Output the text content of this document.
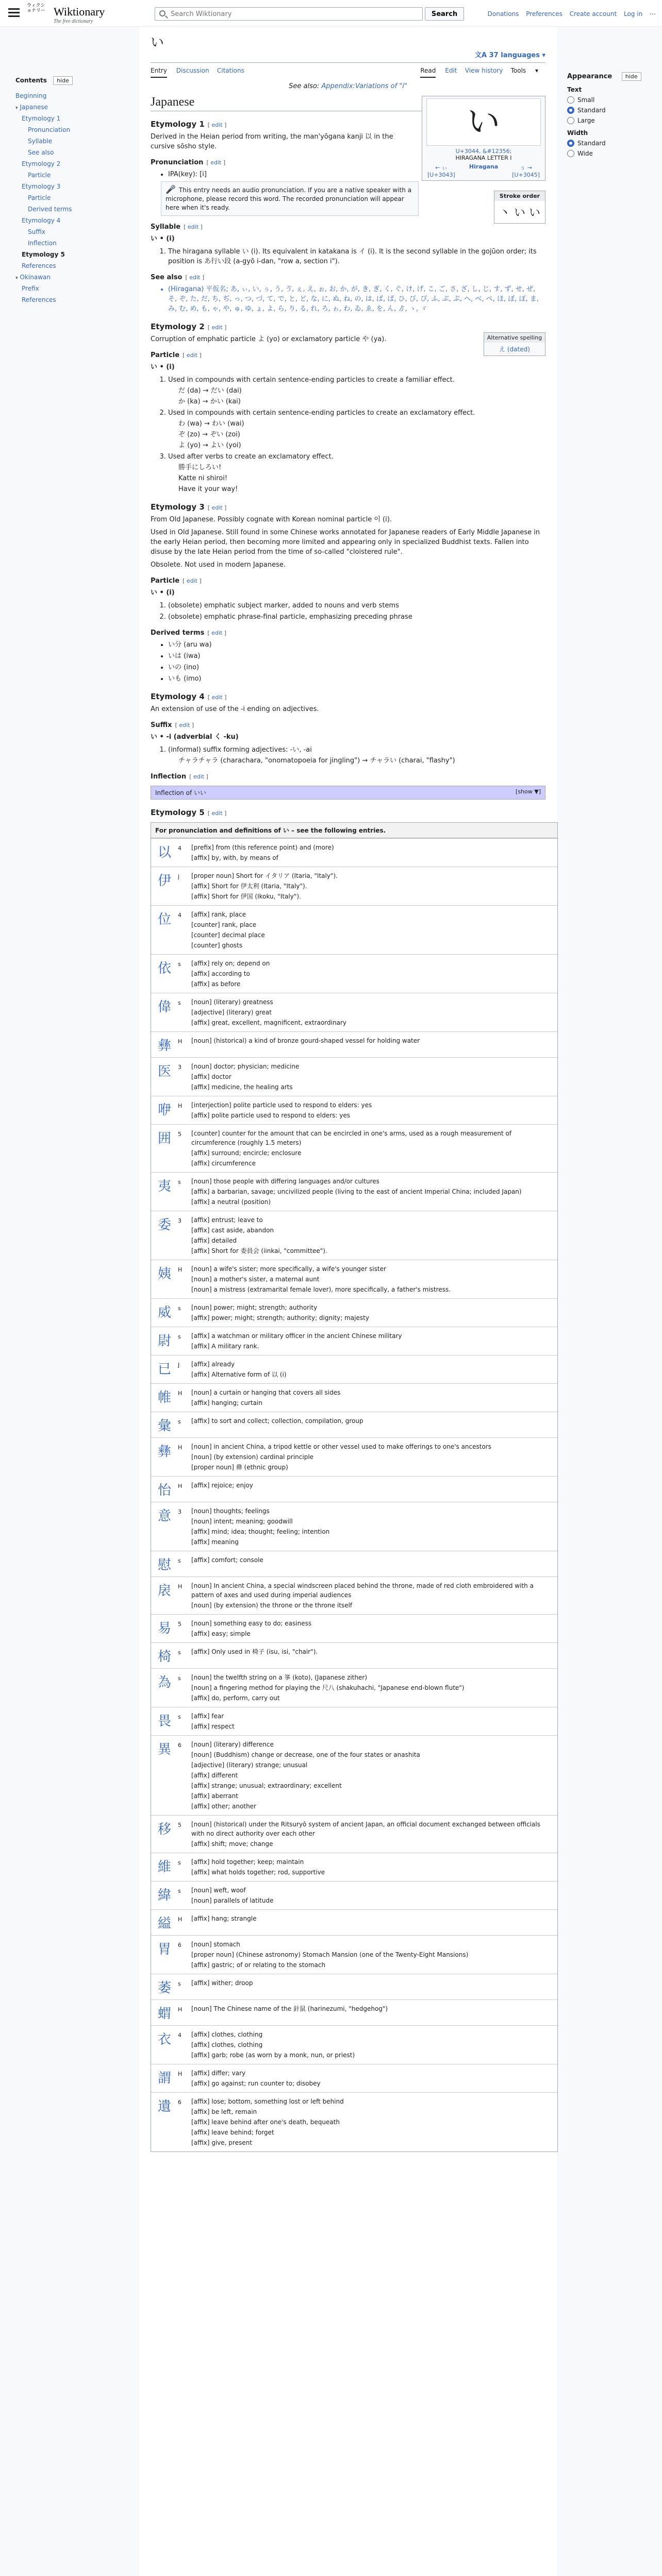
ウィクショナリー Wiktionary
The free dictionary
Search Wiktionary
Search	Donations Preferences Create account Log in ⋯
Contents hide
Beginning
▾ Japanese
Etymology 1
Pronunciation
Syllable
See also
Etymology 2
Particle
Etymology 3
Particle
Derived terms
Etymology 4
Suffix
Inflection
Etymology 5
References
▾ Okinawan
Prefix
References
Appearance hide
Text
Small
Standard
Large
Width
Standard
Wide
い
文A 37 languages ▾
Entry Discussion Citations	Read Edit View history Tools ▾
See also: Appendix:Variations of "i"
Japanese
い
U+3044, &#12356;
HIRAGANA LETTER I
← ぃ
[U+3043]
Hiragana	ぅ →
[U+3045]
Stroke order
丶 い い
Etymology 1 [ edit ]

Derived in the Heian period from writing, the man'yōgana kanji 以 in the cursive sōsho style.

Pronunciation [ edit ]
• IPA(key): [i]
🎤 This entry needs an audio pronunciation. If you are a native speaker with a microphone, please record this word. The recorded pronunciation will appear here when it's ready.
Syllable [ edit ]

い • (i)

1. The hiragana syllable い (i). Its equivalent in katakana is イ (i). It is the second syllable in the gojūon order; its position is あ行い段 (a-gyō i-dan, "row a, section i").
See also [ edit ]
• (Hiragana) 平仮名; あ, ぃ, い, ぅ, う, ゔ, ぇ, え, ぉ, お, か, が, き, ぎ, く, ぐ, け, げ, こ, ご, さ, ざ, し, じ, す, ず, せ, ぜ, そ, ぞ, た, だ, ち, ぢ, っ, つ, づ, て, で, と, ど, な, に, ぬ, ね, の, は, ば, ぱ, ひ, び, ぴ, ふ, ぶ, ぷ, へ, べ, ぺ, ほ, ぼ, ぽ, ま, み, む, め, も, ゃ, や, ゅ, ゆ, ょ, よ, ら, り, る, れ, ろ, ゎ, わ, ゐ, ゑ, を, ん, ゟ, ゝ, ゞ
Etymology 2 [ edit ]
Alternative spelling
え (dated)

Corruption of emphatic particle よ (yo) or exclamatory particle や (ya).

Particle [ edit ]

い • (i)

1. Used in compounds with certain sentence-ending particles to create a familiar effect.
だ (da) → だい (dai)
か (ka) → かい (kai)
2. Used in compounds with certain sentence-ending particles to create an exclamatory effect.
わ (wa) → わい (wai)
ぞ (zo) → ぞい (zoi)
よ (yo) → よい (yoi)
3. Used after verbs to create an exclamatory effect.
勝手にしろい!
Katte ni shiroi!
Have it your way!
Etymology 3 [ edit ]

From Old Japanese. Possibly cognate with Korean nominal particle 이 (i).

Used in Old Japanese. Still found in some Chinese works annotated for Japanese readers of Early Middle Japanese in the early Heian period, then becoming more limited and appearing only in specialized Buddhist texts. Fallen into disuse by the late Heian period from the time of so-called "cloistered rule".

Obsolete. Not used in modern Japanese.

Particle [ edit ]

い • (i)

1. (obsolete) emphatic subject marker, added to nouns and verb stems
2. (obsolete) emphatic phrase-final particle, emphasizing preceding phrase
Derived terms [ edit ]
• い分 (aru wa)
• いは (iwa)
• いの (ino)
• いも (imo)
Etymology 4 [ edit ]

An extension of use of the -i ending on adjectives.

Suffix [ edit ]

い • -i (adverbial く -ku)

1. (informal) suffix forming adjectives: -い, -ai
チャラチャラ (charachara, "onomatopoeia for jingling") → チャラい (charai, "flashy")
Inflection [ edit ]
Inflection of いい	[show ▼]
Etymology 5 [ edit ]
For pronunciation and definitions of い – see the following entries.
以	4	[prefix] from (this reference point) and (more)
[affix] by, with, by means of
伊	j	[proper noun] Short for イタリア (Itaria, "Italy").
[affix] Short for 伊太利 (Itaria, "Italy").
[affix] Short for 伊国 (Ikoku, "Italy").
位	4	[affix] rank, place
[counter] rank, place
[counter] decimal place
[counter] ghosts
依	s	[affix] rely on; depend on
[affix] according to
[affix] as before
偉	s	[noun] (literary) greatness
[adjective] (literary) great
[affix] great, excellent, magnificent, extraordinary
彝	H	[noun] (historical) a kind of bronze gourd-shaped vessel for holding water
医	3	[noun] doctor; physician; medicine
[affix] doctor
[affix] medicine, the healing arts
咿	H	[interjection] polite particle used to respond to elders: yes
[affix] polite particle used to respond to elders: yes
囲	5	[counter] counter for the amount that can be encircled in one's arms, used as a rough measurement of circumference (roughly 1.5 meters)
[affix] surround; encircle; enclosure
[affix] circumference
夷	s	[noun] those people with differing languages and/or cultures
[affix] a barbarian, savage; uncivilized people (living to the east of ancient Imperial China; included Japan)
[affix] a neutral (position)
委	3	[affix] entrust; leave to
[affix] cast aside, abandon
[affix] detailed
[affix] Short for 委員会 (iinkai, "committee").
姨	H	[noun] a wife's sister; more specifically, a wife's younger sister
[noun] a mother's sister, a maternal aunt
[noun] a mistress (extramarital female lover), more specifically, a father's mistress.
威	s	[noun] power; might; strength; authority
[affix] power; might; strength; authority; dignity; majesty
尉	s	[affix] a watchman or military officer in the ancient Chinese military
[affix] A military rank.
已	J	[affix] already
[affix] Alternative form of 以 (i)
帷	H	[noun] a curtain or hanging that covers all sides
[affix] hanging; curtain
彙	s	[affix] to sort and collect; collection, compilation, group
彝	H	[noun] in ancient China, a tripod kettle or other vessel used to make offerings to one's ancestors
[noun] (by extension) cardinal principle
[proper noun] 彝 (ethnic group)
怡	H	[affix] rejoice; enjoy
意	3	[noun] thoughts; feelings
[noun] intent; meaning; goodwill
[affix] mind; idea; thought; feeling; intention
[affix] meaning
慰	s	[affix] comfort; console
扆	H	[noun] In ancient China, a special windscreen placed behind the throne, made of red cloth embroidered with a pattern of axes and used during imperial audiences
[noun] (by extension) the throne or the throne itself
易	5	[noun] something easy to do; easiness
[affix] easy; simple
椅	s	[affix] Only used in 椅子 (isu, isi, "chair").
為	s	[noun] the twelfth string on a 箏 (koto), (Japanese zither)
[noun] a fingering method for playing the 尺八 (shakuhachi, "Japanese end-blown flute")
[affix] do, perform, carry out
畏	s	[affix] fear
[affix] respect
異	6	[noun] (literary) difference
[noun] (Buddhism) change or decrease, one of the four states or anashita
[adjective] (literary) strange; unusual
[affix] different
[affix] strange; unusual; extraordinary; excellent
[affix] aberrant
[affix] other; another
移	5	[noun] (historical) under the Ritsuryō system of ancient Japan, an official document exchanged between officials with no direct authority over each other
[affix] shift; move; change
維	s	[affix] hold together; keep; maintain
[affix] what holds together; rod, supportive
緯	s	[noun] weft, woof
[noun] parallels of latitude
縊	H	[affix] hang; strangle
胃	6	[noun] stomach
[proper noun] (Chinese astronomy) Stomach Mansion (one of the Twenty-Eight Mansions)
[affix] gastric; of or relating to the stomach
萎	s	[affix] wither; droop
蝟	H	[noun] The Chinese name of the 針鼠 (harinezumi, "hedgehog")
衣	4	[affix] clothes, clothing
[affix] clothes, clothing
[affix] garb; robe (as worn by a monk, nun, or priest)
謂	H	[affix] differ; vary
[affix] go against; run counter to; disobey
遺	6	[affix] lose; bottom, something lost or left behind
[affix] be left, remain
[affix] leave behind after one's death, bequeath
[affix] leave behind; forget
[affix] give, present
